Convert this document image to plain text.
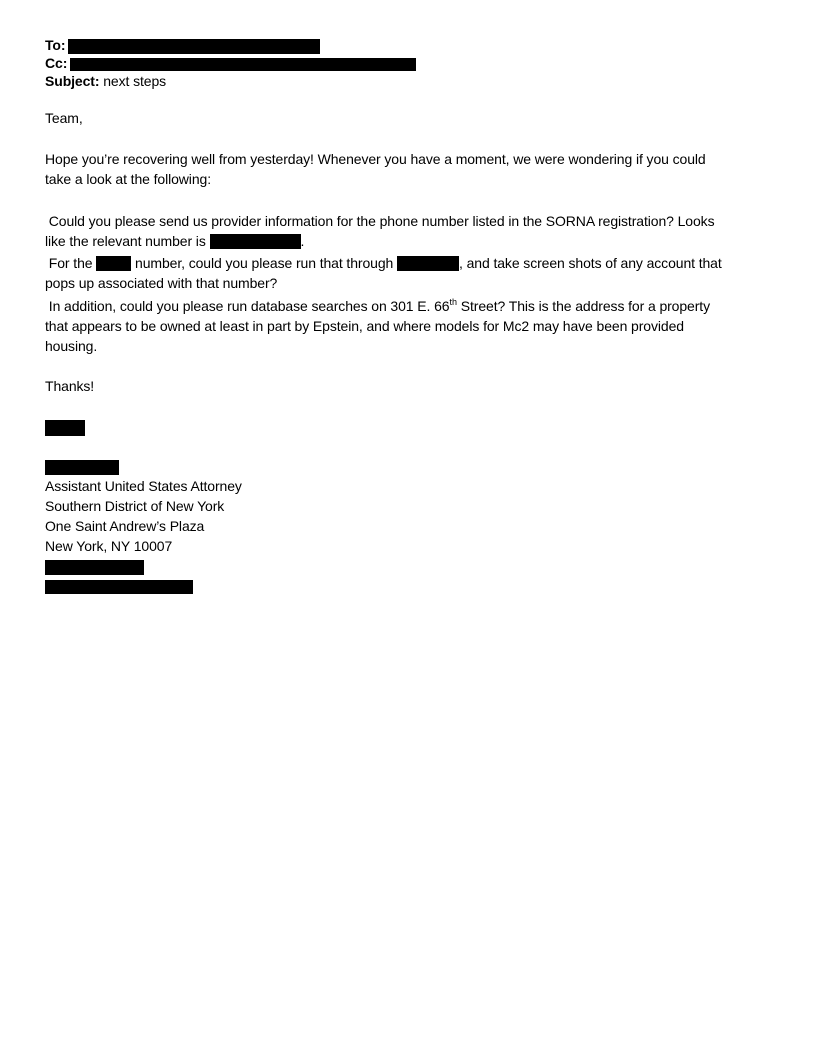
To:
Cc:
Subject: next steps
Team,
Hope you’re recovering well from yesterday! Whenever you have a moment, we were wondering if you could
take a look at the following:
Could you please send us provider information for the phone number listed in the SORNA registration? Looks
like the relevant number is	.
For the	number, could you please run that through	, and take screen shots of any account that
pops up associated with that number?
In addition, could you please run database searches on 301 E. 66th Street? This is the address for a property
that appears to be owned at least in part by Epstein, and where models for Mc2 may have been provided
housing.
Thanks!
Assistant United States Attorney
Southern District of New York
One Saint Andrew’s Plaza
New York, NY 10007
